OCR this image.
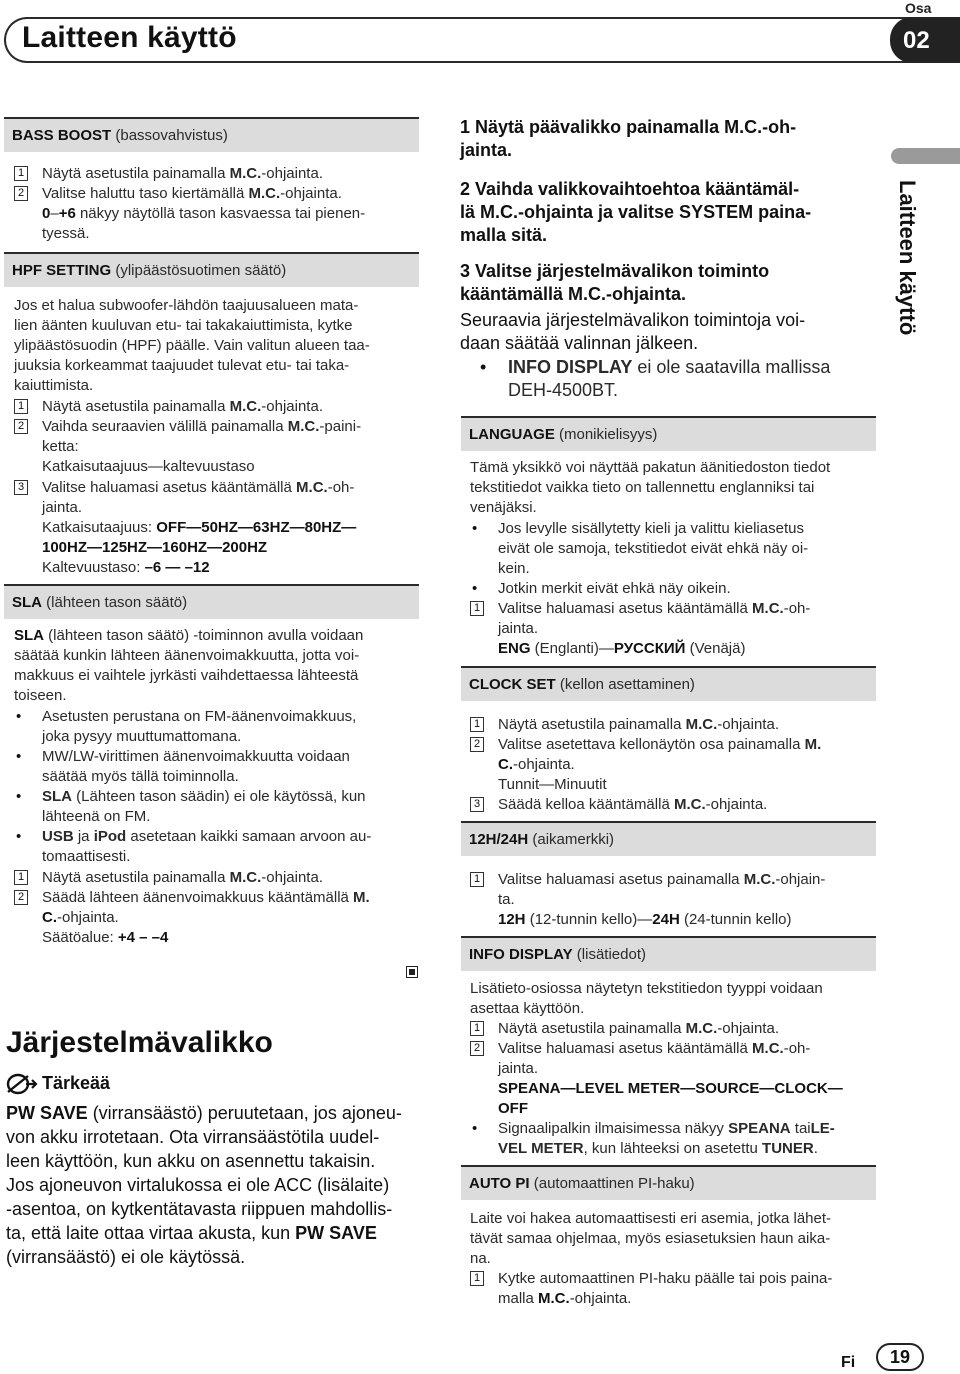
Osa
Laitteen käyttö	02
Laitteen käyttö
BASS BOOST (bassovahvistus)
1	Näytä asetustila painamalla M.C.-ohjainta.
2	Valitse haluttu taso kiertämällä M.C.-ohjainta.
0–+6 näkyy näytöllä tason kasvaessa tai pienen-
tyessä.
HPF SETTING (ylipäästösuotimen säätö)
Jos et halua subwoofer-lähdön taajuusalueen mata-
lien äänten kuuluvan etu- tai takakaiuttimista, kytke
ylipäästösuodin (HPF) päälle. Vain valitun alueen taa-
juuksia korkeammat taajuudet tulevat etu- tai taka-
kaiuttimista.
1	Näytä asetustila painamalla M.C.-ohjainta.
2	Vaihda seuraavien välillä painamalla M.C.-paini-
ketta:
Katkaisutaajuus—kaltevuustaso
3	Valitse haluamasi asetus kääntämällä M.C.-oh-
jainta.
Katkaisutaajuus: OFF—50HZ—63HZ—80HZ—
100HZ—125HZ—160HZ—200HZ
Kaltevuustaso: –6 — –12
SLA (lähteen tason säätö)
SLA (lähteen tason säätö) -toiminnon avulla voidaan
säätää kunkin lähteen äänenvoimakkuutta, jotta voi-
makkuus ei vaihtele jyrkästi vaihdettaessa lähteestä
toiseen.
•	Asetusten perustana on FM-äänenvoimakkuus,
joka pysyy muuttumattomana.
•	MW/LW-virittimen äänenvoimakkuutta voidaan
säätää myös tällä toiminnolla.
•	SLA (Lähteen tason säädin) ei ole käytössä, kun
lähteenä on FM.
•	USB ja iPod asetetaan kaikki samaan arvoon au-
tomaattisesti.
1	Näytä asetustila painamalla M.C.-ohjainta.
2	Säädä lähteen äänenvoimakkuus kääntämällä M.
C.-ohjainta.
Säätöalue: +4 – –4
Järjestelmävalikko
Tärkeää
PW SAVE (virransäästö) peruutetaan, jos ajoneu-
von akku irrotetaan. Ota virransäästötila uudel-
leen käyttöön, kun akku on asennettu takaisin.
Jos ajoneuvon virtalukossa ei ole ACC (lisälaite)
-asentoa, on kytkentätavasta riippuen mahdollis-
ta, että laite ottaa virtaa akusta, kun PW SAVE
(virransäästö) ei ole käytössä.
1 Näytä päävalikko painamalla M.C.-oh-
jainta.
2 Vaihda valikkovaihtoehtoa kääntämäl-
lä M.C.-ohjainta ja valitse SYSTEM paina-
malla sitä.
3 Valitse järjestelmävalikon toiminto
kääntämällä M.C.-ohjainta.
Seuraavia järjestelmävalikon toimintoja voi-
daan säätää valinnan jälkeen.
•	INFO DISPLAY ei ole saatavilla mallissa
DEH-4500BT.
LANGUAGE (monikielisyys)
Tämä yksikkö voi näyttää pakatun äänitiedoston tiedot
tekstitiedot vaikka tieto on tallennettu englanniksi tai
venäjäksi.
•	Jos levylle sisällytetty kieli ja valittu kieliasetus
eivät ole samoja, tekstitiedot eivät ehkä näy oi-
kein.
•	Jotkin merkit eivät ehkä näy oikein.
1	Valitse haluamasi asetus kääntämällä M.C.-oh-
jainta.
ENG (Englanti)—РУССКИЙ (Venäjä)
CLOCK SET (kellon asettaminen)
1	Näytä asetustila painamalla M.C.-ohjainta.
2	Valitse asetettava kellonäytön osa painamalla M.
C.-ohjainta.
Tunnit—Minuutit
3	Säädä kelloa kääntämällä M.C.-ohjainta.
12H/24H (aikamerkki)
1	Valitse haluamasi asetus painamalla M.C.-ohjain-
ta.
12H (12-tunnin kello)—24H (24-tunnin kello)
INFO DISPLAY (lisätiedot)
Lisätieto-osiossa näytetyn tekstitiedon tyyppi voidaan
asettaa käyttöön.
1	Näytä asetustila painamalla M.C.-ohjainta.
2	Valitse haluamasi asetus kääntämällä M.C.-oh-
jainta.
SPEANA—LEVEL METER—SOURCE—CLOCK—
OFF
•	Signaalipalkin ilmaisimessa näkyy SPEANA taiLE-
VEL METER, kun lähteeksi on asetettu TUNER.
AUTO PI (automaattinen PI-haku)
Laite voi hakea automaattisesti eri asemia, jotka lähet-
tävät samaa ohjelmaa, myös esiasetuksien haun aika-
na.
1	Kytke automaattinen PI-haku päälle tai pois paina-
malla M.C.-ohjainta.
Fi	19
